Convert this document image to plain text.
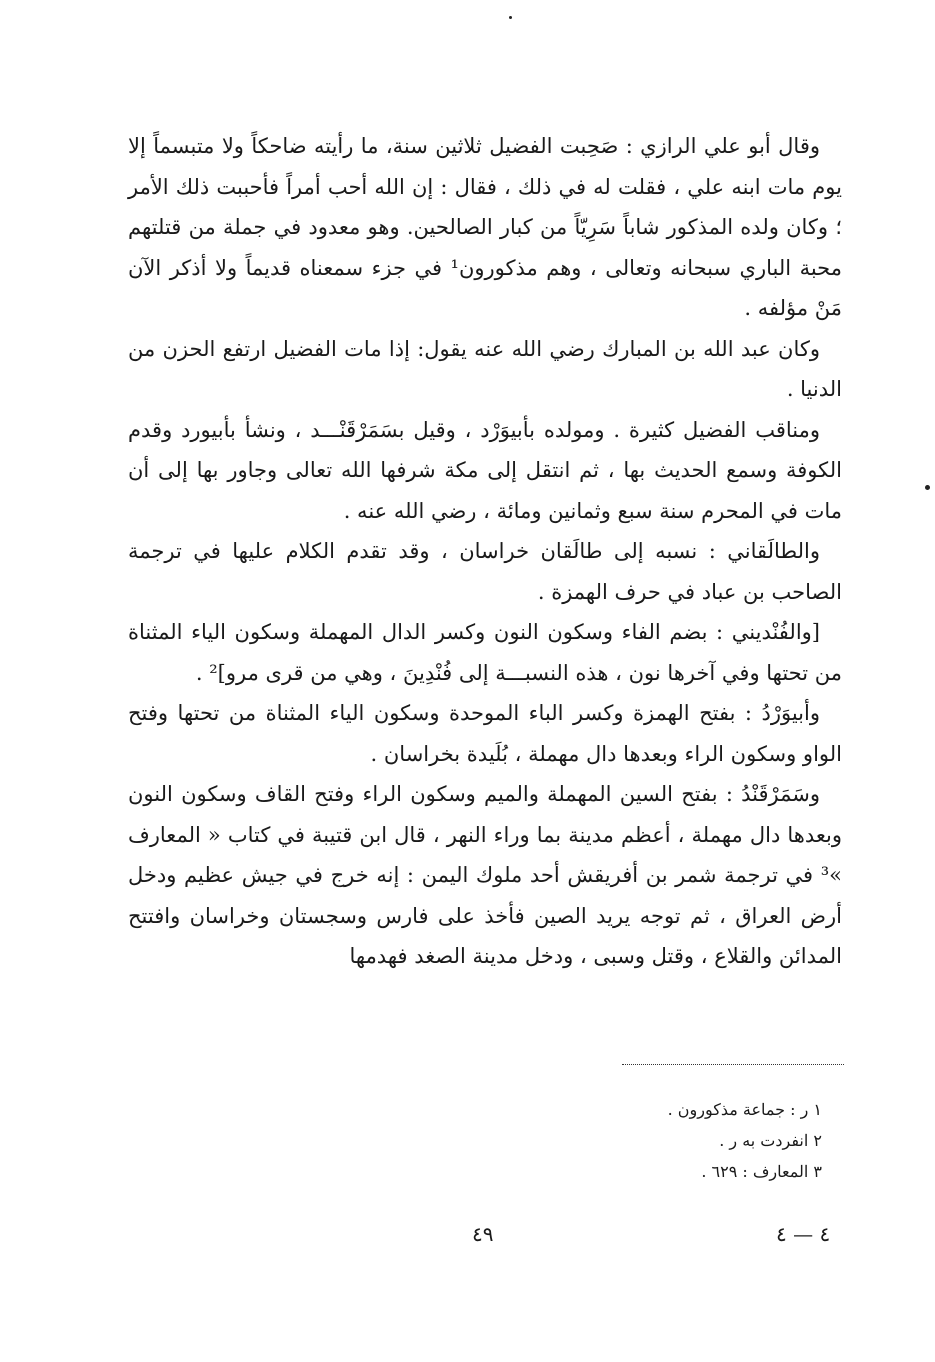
وقال أبو علي الرازي : صَحِبت الفضيل ثلاثين سنة، ما رأيته ضاحكاً ولا متبسماً إلا يوم مات ابنه علي ، فقلت له في ذلك ، فقال : إن الله أحب أمراً فأحببت ذلك الأمر ؛ وكان ولده المذكور شاباً سَرِيّاً من كبار الصالحين. وهو معدود في جملة من قتلتهم محبة الباري سبحانه وتعالى ، وهم مذكورون¹ في جزء سمعناه قديماً ولا أذكر الآن مَنْ مؤلفه .

وكان عبد الله بن المبارك رضي الله عنه يقول: إذا مات الفضيل ارتفع الحزن من الدنيا .

ومناقب الفضيل كثيرة . ومولده بأبيوَرْد ، وقيل بسَمَرْقَنْـــد ، ونشأ بأبيورد وقدم الكوفة وسمع الحديث بها ، ثم انتقل إلى مكة شرفها الله تعالى وجاور بها إلى أن مات في المحرم سنة سبع وثمانين ومائة ، رضي الله عنه .

والطالَقاني : نسبه إلى طالَقان خراسان ، وقد تقدم الكلام عليها في ترجمة الصاحب بن عباد في حرف الهمزة .

[والفُنْديني : بضم الفاء وسكون النون وكسر الدال المهملة وسكون الياء المثناة من تحتها وفي آخرها نون ، هذه النسبـــة إلى فُنْدِينَ ، وهي من قرى مرو]² .

وأبيوَرْدُ : بفتح الهمزة وكسر الباء الموحدة وسكون الياء المثناة من تحتها وفتح الواو وسكون الراء وبعدها دال مهملة ، بُلَيدة بخراسان .

وسَمَرْقَنْدُ : بفتح السين المهملة والميم وسكون الراء وفتح القاف وسكون النون وبعدها دال مهملة ، أعظم مدينة بما وراء النهر ، قال ابن قتيبة في كتاب « المعارف »³ في ترجمة شمر بن أفريقش أحد ملوك اليمن : إنه خرج في جيش عظيم ودخل أرض العراق ، ثم توجه يريد الصين فأخذ على فارس وسجستان وخراسان وافتتح المدائن والقلاع ، وقتل وسبى ، ودخل مدينة الصغد فهدمها

١ ر : جماعة مذكورون .

٢ انفردت به ر .

٣ المعارف : ٦٢٩ .

٤٩	٤ — ٤
